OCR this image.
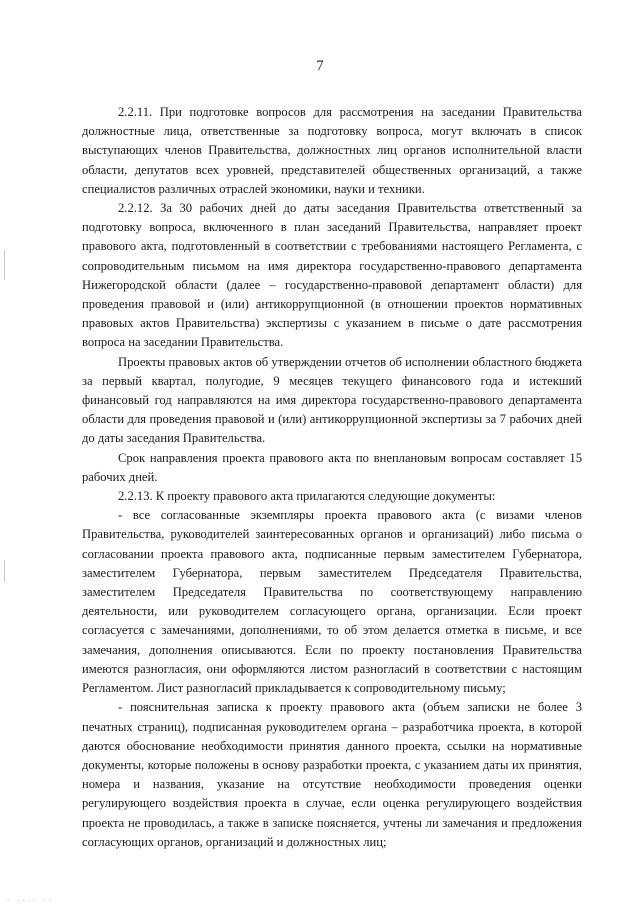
. .... ..
7

2.2.11. При подготовке вопросов для рассмотрения на заседании Правительства должностные лица, ответственные за подготовку вопроса, могут включать в список выступающих членов Правительства, должностных лиц органов исполнительной власти области, депутатов всех уровней, представителей общественных организаций, а также специалистов различных отраслей экономики, науки и техники.

2.2.12. За 30 рабочих дней до даты заседания Правительства ответственный за подготовку вопроса, включенного в план заседаний Правительства, направляет проект правового акта, подготовленный в соответствии с требованиями настоящего Регламента, с сопроводительным письмом на имя директора государственно-правового департамента Нижегородской области (далее – государственно-правовой департамент области) для проведения правовой и (или) антикоррупционной (в отношении проектов нормативных правовых актов Правительства) экспертизы с указанием в письме о дате рассмотрения вопроса на заседании Правительства.

Проекты правовых актов об утверждении отчетов об исполнении областного бюджета за первый квартал, полугодие, 9 месяцев текущего финансового года и истекший финансовый год направляются на имя директора государственно-правового департамента области для проведения правовой и (или) антикоррупционной экспертизы за 7 рабочих дней до даты заседания Правительства.

Срок направления проекта правового акта по внеплановым вопросам составляет 15 рабочих дней.

2.2.13. К проекту правового акта прилагаются следующие документы:

- все согласованные экземпляры проекта правового акта (с визами членов Правительства, руководителей заинтересованных органов и организаций) либо письма о согласовании проекта правового акта, подписанные первым заместителем Губернатора, заместителем Губернатора, первым заместителем Председателя Правительства, заместителем Председателя Правительства по соответствующему направлению деятельности, или руководителем согласующего органа, организации. Если проект согласуется с замечаниями, дополнениями, то об этом делается отметка в письме, и все замечания, дополнения описываются. Если по проекту постановления Правительства имеются разногласия, они оформляются листом разногласий в соответствии с настоящим Регламентом. Лист разногласий прикладывается к сопроводительному письму;

- пояснительная записка к проекту правового акта (объем записки не более 3 печатных страниц), подписанная руководителем органа – разработчика проекта, в которой даются обоснование необходимости принятия данного проекта, ссылки на нормативные документы, которые положены в основу разработки проекта, с указанием даты их принятия, номера и названия, указание на отсутствие необходимости проведения оценки регулирующего воздействия проекта в случае, если оценка регулирующего воздействия проекта не проводилась, а также в записке поясняется, учтены ли замечания и предложения согласующих органов, организаций и должностных лиц;
